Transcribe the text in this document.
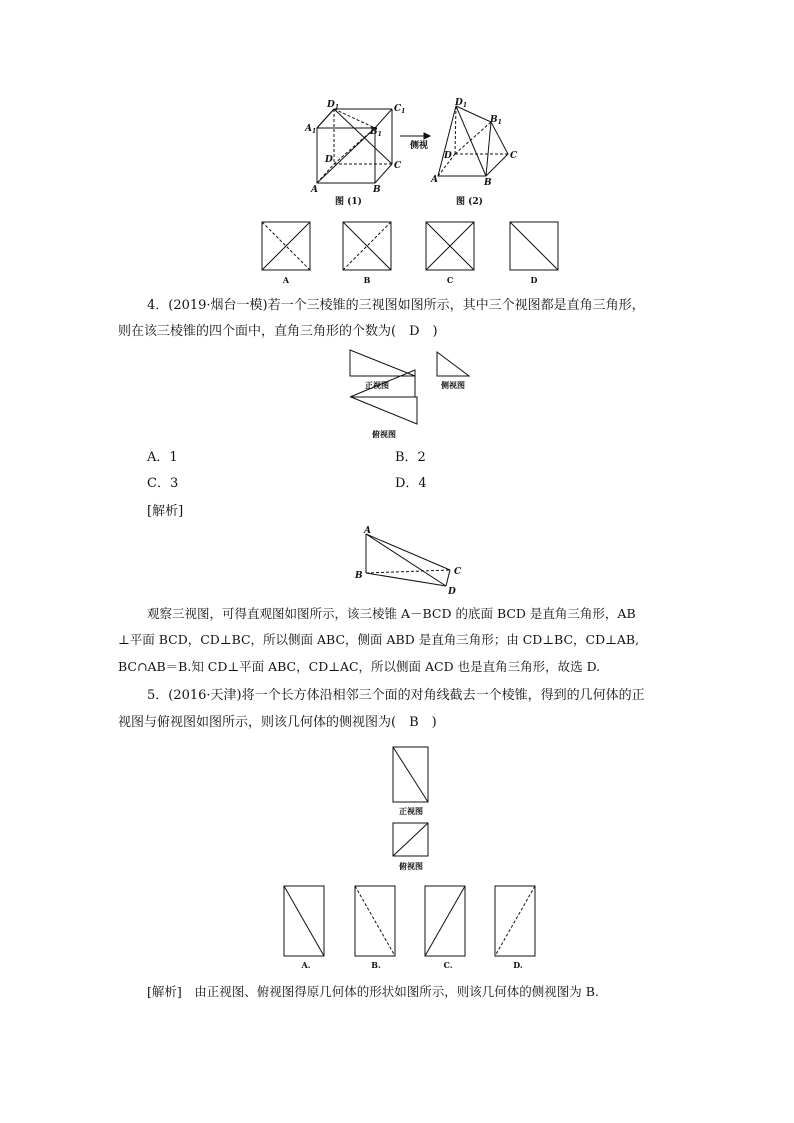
$D_1$	$C_1$
$A_1$	$B_1$
D
C
A	B
$D_1$
$B_1$
C
D
A	B
侧视
图 (1)	图 (2)
A	B	C	D
4．(2019·烟台一模)若一个三棱锥的三视图如图所示，其中三个视图都是直角三角形，
则在该三棱锥的四个面中，直角三角形的个数为(　D　)
正视图	侧视图
俯视图
A．1	B．2
C．3	D．4
[解析]
A
B	C
D
观察三视图，可得直观图如图所示，该三棱锥 A－BCD 的底面 BCD 是直角三角形，AB
⊥平面 BCD，CD⊥BC，所以侧面 ABC，侧面 ABD 是直角三角形；由 CD⊥BC，CD⊥AB,
BC∩AB＝B.知 CD⊥平面 ABC，CD⊥AC，所以侧面 ACD 也是直角三角形，故选 D.
5．(2016·天津)将一个长方体沿相邻三个面的对角线截去一个棱锥，得到的几何体的正
视图与俯视图如图所示，则该几何体的侧视图为(　B　)
正视图
俯视图
A.	B.	C.	D.
[解析]　由正视图、俯视图得原几何体的形状如图所示，则该几何体的侧视图为 B.
